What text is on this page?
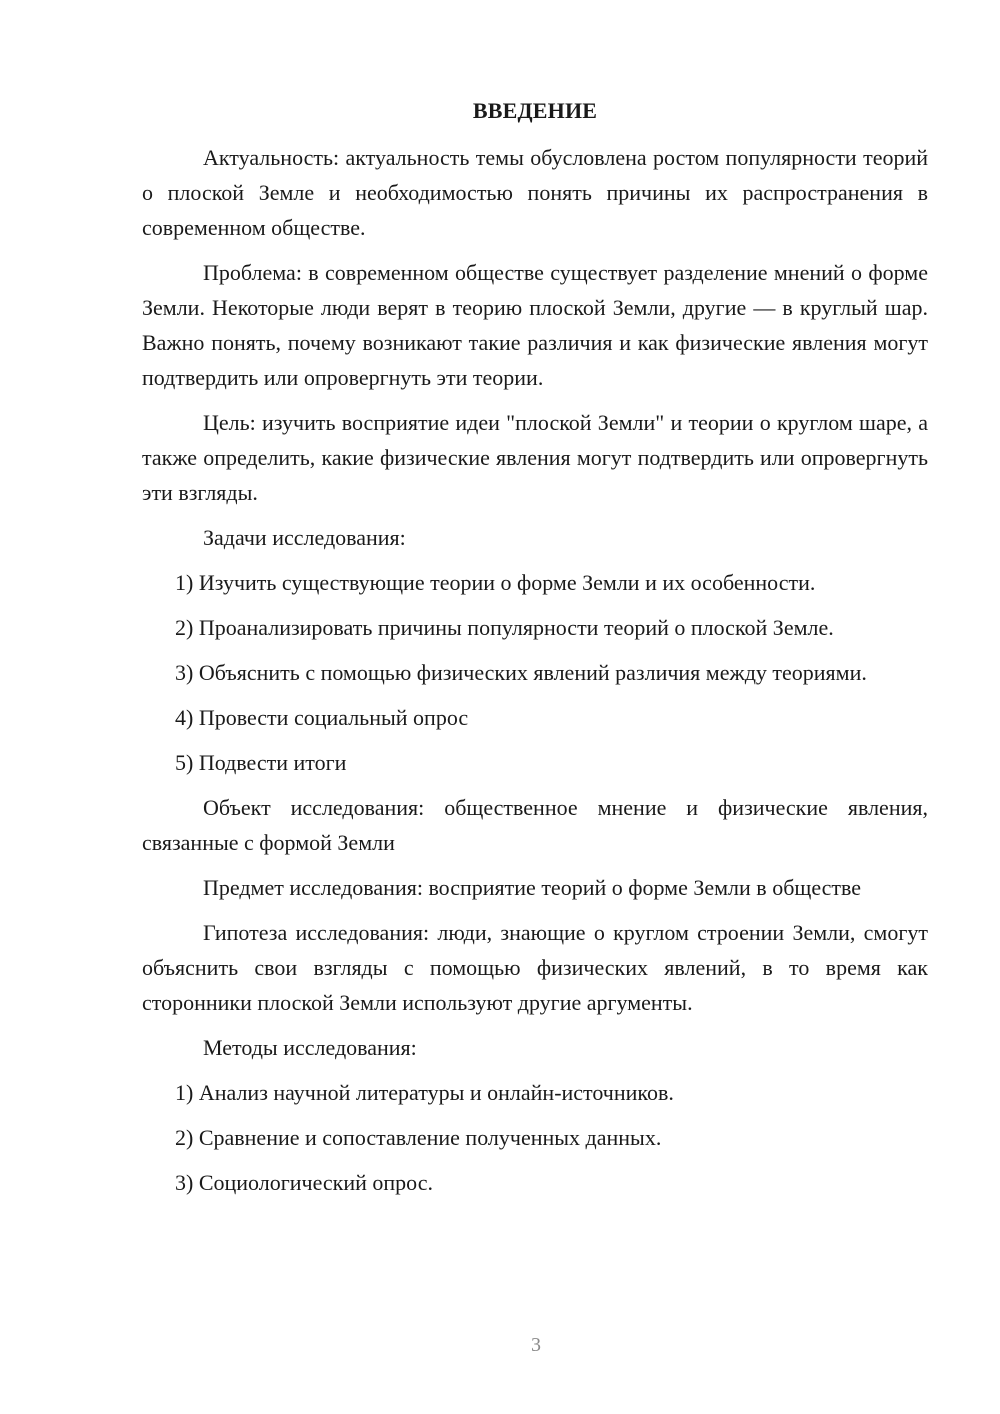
ВВЕДЕНИЕ

Актуальность: актуальность темы обусловлена ростом популярности теорий о плоской Земле и необходимостью понять причины их распространения в современном обществе.

Проблема: в современном обществе существует разделение мнений о форме Земли. Некоторые люди верят в теорию плоской Земли, другие — в круглый шар. Важно понять, почему возникают такие различия и как физические явления могут подтвердить или опровергнуть эти теории.

Цель: изучить восприятие идеи "плоской Земли" и теории о круглом шаре, а также определить, какие физические явления могут подтвердить или опровергнуть эти взгляды.

Задачи исследования:

1) Изучить существующие теории о форме Земли и их особенности.

2) Проанализировать причины популярности теорий о плоской Земле.

3) Объяснить с помощью физических явлений различия между теориями.

4) Провести социальный опрос

5) Подвести итоги

Объект исследования: общественное мнение и физические явления, связанные с формой Земли

Предмет исследования: восприятие теорий о форме Земли в обществе

Гипотеза исследования: люди, знающие о круглом строении Земли, смогут объяснить свои взгляды с помощью физических явлений, в то время как сторонники плоской Земли используют другие аргументы.

Методы исследования:

1) Анализ научной литературы и онлайн-источников.

2) Сравнение и сопоставление полученных данных.

3) Социологический опрос.

3
